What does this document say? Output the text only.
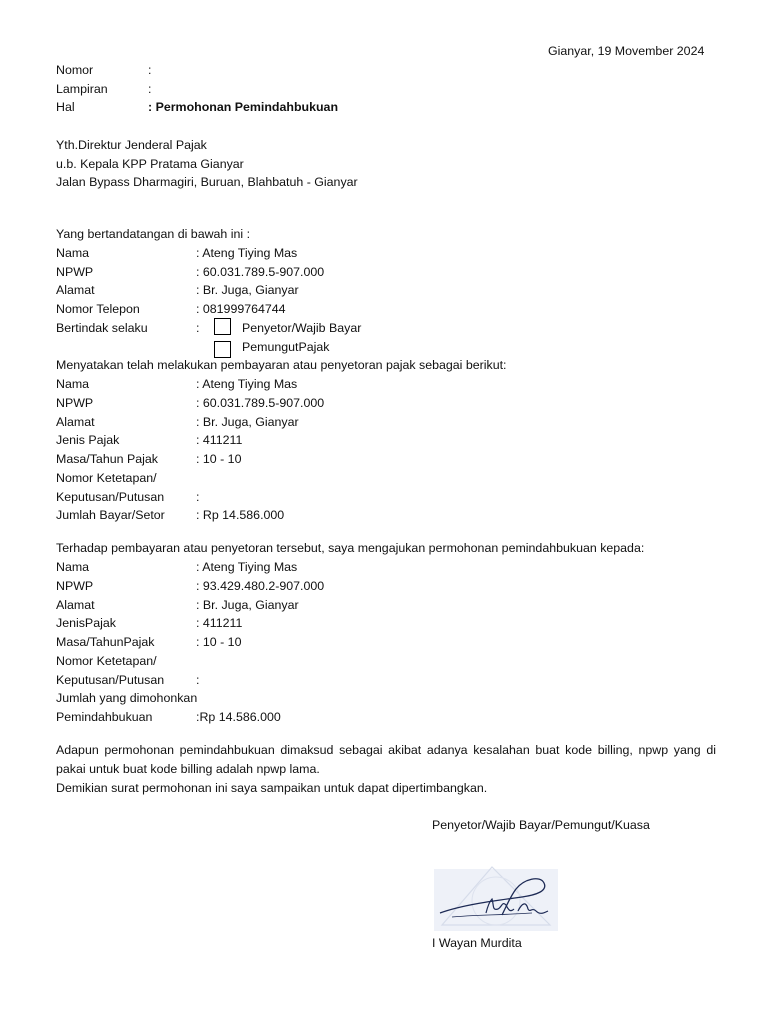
Gianyar, 19 Movember 2024
Nomor	:
Lampiran	:
Hal	: Permohonan Pemindahbukuan
Yth.Direktur Jenderal Pajak
u.b. Kepala KPP Pratama Gianyar
Jalan Bypass Dharmagiri, Buruan, Blahbatuh - Gianyar
Yang bertandatangan di bawah ini :
Nama	: Ateng Tiying Mas
NPWP	: 60.031.789.5-907.000
Alamat	: Br. Juga, Gianyar
Nomor Telepon	: 081999764744
Bertindak selaku	:	Penyetor/Wajib Bayar
PemungutPajak
Menyatakan telah melakukan pembayaran atau penyetoran pajak sebagai berikut:
Nama	: Ateng Tiying Mas
NPWP	: 60.031.789.5-907.000
Alamat	: Br. Juga, Gianyar
Jenis Pajak	: 411211
Masa/Tahun Pajak	: 10 - 10
Nomor Ketetapan/
Keputusan/Putusan	:
Jumlah Bayar/Setor	: Rp 14.586.000
Terhadap pembayaran atau penyetoran tersebut, saya mengajukan permohonan pemindahbukuan kepada:
Nama	: Ateng Tiying Mas
NPWP	: 93.429.480.2-907.000
Alamat	: Br. Juga, Gianyar
JenisPajak	: 411211
Masa/TahunPajak	: 10 - 10
Nomor Ketetapan/
Keputusan/Putusan	:
Jumlah yang dimohonkan
Pemindahbukuan	:Rp 14.586.000
Adapun permohonan pemindahbukuan dimaksud sebagai akibat adanya kesalahan buat kode billing, npwp yang di pakai untuk buat kode billing adalah npwp lama.
Demikian surat permohonan ini saya sampaikan untuk dapat dipertimbangkan.
Penyetor/Wajib Bayar/Pemungut/Kuasa
I Wayan Murdita
